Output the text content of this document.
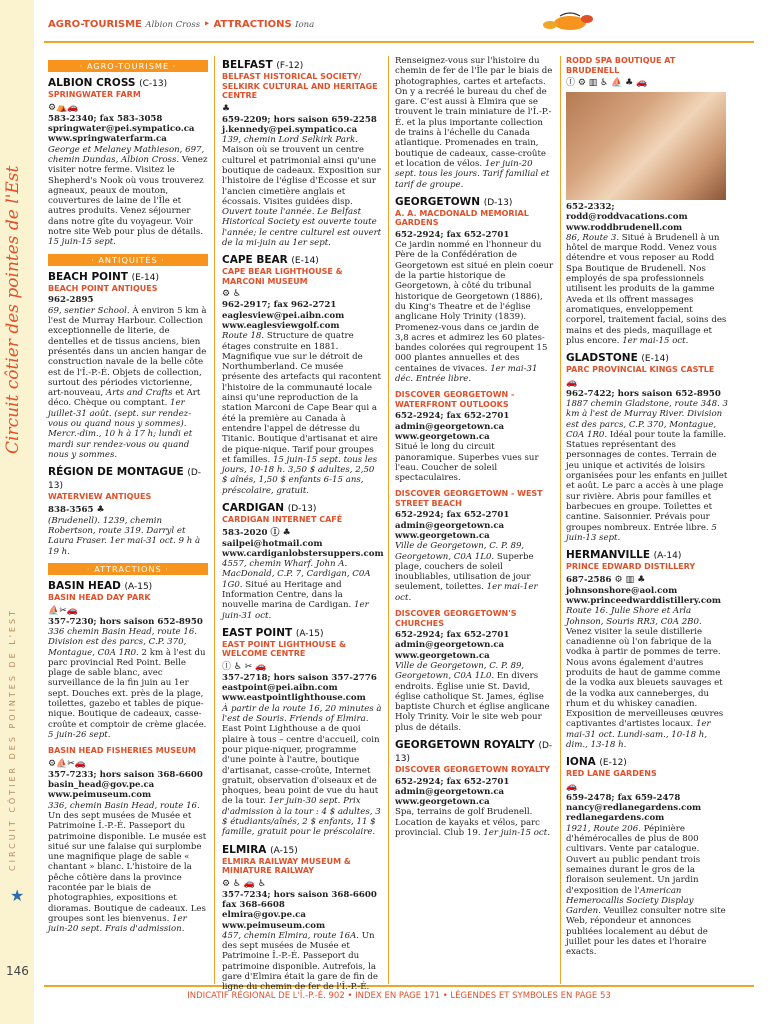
Circuit côtier des pointes de l'Est
CIRCUIT CÔTIER DES POINTES DE L'EST
★
146
AGRO-TOURISME Albion Cross ‣ ATTRACTIONS Iona
INDICATIF RÉGIONAL DE L'Î.-P.-É. 902 • INDEX EN PAGE 171 • LÉGENDES ET SYMBOLES EN PAGE 53
· AGRO-TOURISME ·
ALBION CROSS (C-13)
SPRINGWATER FARM
⚙⛺🚗
583-2340; fax 583-3058
springwater@pei.sympatico.ca
www.springwaterfarm.ca
George et Melaney Mathieson, 697, chemin Dundas, Albion Cross. Venez visiter notre ferme. Visitez le Shepherd's Nook où vous trouverez agneaux, peaux de mouton, couvertures de laine de l'Île et autres produits. Venez séjourner dans notre gîte du voyageur. Voir notre site Web pour plus de détails. 15 juin-15 sept.
· ANTIQUITÉS ·
BEACH POINT (E-14)
BEACH POINT ANTIQUES
962-2895
69, sentier School. À environ 5 km à l'est de Murray Harbour. Collection exceptionnelle de literie, de dentelles et de tissus anciens, bien présentés dans un ancien hangar de construction navale de la belle côte est de l'Î.-P.-É. Objets de collection, surtout des périodes victorienne, art-nouveau, Arts and Crafts et Art déco. Chèque ou comptant. 1er juillet-31 août. (sept. sur rendez-vous ou quand nous y sommes). Mercr.-dim., 10 h à 17 h; lundi et mardi sur rendez-vous ou quand nous y sommes.
RÉGION DE MONTAGUE (D-13)
WATERVIEW ANTIQUES
838-3565 ♣
(Brudenell). 1239, chemin Robertson, route 319. Darryl et Laura Fraser. 1er mai-31 oct. 9 h à 19 h.
· ATTRACTIONS ·
BASIN HEAD (A-15)
BASIN HEAD DAY PARK
⛵✂🚗
357-7230; hors saison 652-8950
336 chemin Basin Head, route 16. Division est des parcs, C.P. 370, Montague, C0A 1R0. 2 km à l'est du parc provincial Red Point. Belle plage de sable blanc, avec surveillance de la fin juin au 1er sept. Douches ext. près de la plage, toilettes, gazebo et tables de pique-nique. Boutique de cadeaux, casse-croûte et comptoir de crème glacée. 5 juin-26 sept.
BASIN HEAD FISHERIES MUSEUM
⚙⛵✂🚗
357-7233; hors saison 368-6600
basin_head@gov.pe.ca
www.peimuseum.com
336, chemin Basin Head, route 16. Un des sept musées de Musée et Patrimoine Î.-P.-É. Passeport du patrimoine disponible. Le musée est situé sur une falaise qui surplombe une magnifique plage de sable « chantant » blanc. L'histoire de la pêche côtière dans la province racontée par le biais de photographies, expositions et dioramas. Boutique de cadeaux. Les groupes sont les bienvenus. 1er juin-20 sept. Frais d'admission.
BELFAST (F-12)
BELFAST HISTORICAL SOCIETY/ SELKIRK CULTURAL AND HERITAGE CENTRE
♣
659-2209; hors saison 659-2258
j.kennedy@pei.sympatico.ca
139, chemin Lord Selkirk Park. Maison où se trouvent un centre culturel et patrimonial ainsi qu'une boutique de cadeaux. Exposition sur l'histoire de l'église d'Écosse et sur l'ancien cimetière anglais et écossais. Visites guidées disp. Ouvert toute l'année. Le Belfast Historical Society est ouverte toute l'année; le centre culturel est ouvert de la mi-juin au 1er sept.
CAPE BEAR (E-14)
CAPE BEAR LIGHTHOUSE & MARCONI MUSEUM
⚙ ♿
962-2917; fax 962-2721
eaglesview@pei.aibn.com
www.eaglesviewgolf.com
Route 18. Structure de quatre étages construite en 1881. Magnifique vue sur le détroit de Northumberland. Ce musée présente des artefacts qui racontent l'histoire de la communauté locale ainsi qu'une reproduction de la station Marconi de Cape Bear qui a été la première au Canada à entendre l'appel de détresse du Titanic. Boutique d'artisanat et aire de pique-nique. Tarif pour groupes et familles. 15 juin-15 sept. tous les jours, 10-18 h. 3,50 $ adultes, 2,50 $ aînés, 1,50 $ enfants 6-15 ans, préscolaire, gratuit.
CARDIGAN (D-13)
CARDIGAN INTERNET CAFÉ
583-2020 Ⓘ ♣
sailpei@hotmail.com
www.cardiganlobstersuppers.com
4557, chemin Wharf. John A. MacDonald, C.P. 7, Cardigan, C0A 1G0. Situé au Heritage and Information Centre, dans la nouvelle marina de Cardigan. 1er juin-31 oct.
EAST POINT (A-15)
EAST POINT LIGHTHOUSE & WELCOME CENTRE
Ⓘ ♿ ✂ 🚗
357-2718; hors saison 357-2776
eastpoint@pei.aibn.com
www.eastpointlighthouse.com
À partir de la route 16, 20 minutes à l'est de Souris. Friends of Elmira. East Point Lighthouse a de quoi plaire à tous – centre d'accueil, coin pour pique-niquer, programme d'une pointe à l'autre, boutique d'artisanat, casse-croûte, Internet gratuit, observation d'oiseaux et de phoques, beau point de vue du haut de la tour. 1er juin-30 sept. Prix d'admission à la tour : 4 $ adultes, 3 $ étudiants/aînés, 2 $ enfants, 11 $ famille, gratuit pour le préscolaire.
ELMIRA (A-15)
ELMIRA RAILWAY MUSEUM & MINIATURE RAILWAY
⚙ ♿ 🚗 ♿
357-7234; hors saison 368-6600
fax 368-6608
elmira@gov.pe.ca
www.peimuseum.com
457, chemin Elmira, route 16A. Un des sept musées de Musée et Patrimoine Î.-P.-É. Passeport du patrimoine disponible. Autrefois, la gare d'Elmira était la gare de fin de ligne du chemin de fer de l'Î.-P.-É.
Renseignez-vous sur l'histoire du chemin de fer de l'Île par le biais de photographies, cartes et artefacts. On y a recréé le bureau du chef de gare. C'est aussi à Elmira que se trouvent le train miniature de l'Î.-P.-É. et la plus importante collection de trains à l'échelle du Canada atlantique. Promenades en train, boutique de cadeaux, casse-croûte et location de vélos. 1er juin-20 sept. tous les jours. Tarif familial et tarif de groupe.
GEORGETOWN (D-13)
A. A. MACDONALD MEMORIAL GARDENS
652-2924; fax 652-2701
Ce jardin nommé en l'honneur du Père de la Confédération de Georgetown est situé en plein coeur de la partie historique de Georgetown, à côté du tribunal historique de Georgetown (1886), du King's Theatre et de l'église anglicane Holy Trinity (1839). Promenez-vous dans ce jardin de 3,8 acres et admirez les 60 plates-bandes colorées qui regroupent 15 000 plantes annuelles et des centaines de vivaces. 1er mai-31 déc. Entrée libre.
DISCOVER GEORGETOWN - WATERFRONT OUTLOOKS
652-2924; fax 652-2701
admin@georgetown.ca
www.georgetown.ca
Situé le long du circuit panoramique. Superbes vues sur l'eau. Coucher de soleil spectaculaires.
DISCOVER GEORGETOWN - WEST STREET BEACH
652-2924; fax 652-2701
admin@georgetown.ca
www.georgetown.ca
Ville de Georgetown, C. P. 89, Georgetown, C0A 1L0. Superbe plage, couchers de soleil inoubliables, utilisation de jour seulement, toilettes. 1er mai-1er oct.
DISCOVER GEORGETOWN'S CHURCHES
652-2924; fax 652-2701
admin@georgetown.ca
www.georgetown.ca
Ville de Georgetown, C. P. 89, Georgetown, C0A 1L0. En divers endroits. Église unie St. David, église catholique St. James, église baptiste Church et église anglicane Holy Trinity. Voir le site web pour plus de détails.
GEORGETOWN ROYALTY (D-13)
DISCOVER GEORGETOWN ROYALTY
652-2924; fax 652-2701
admin@georgetown.ca
www.georgetown.ca
Spa, terrains de golf Brudenell. Location de kayaks et vélos, parc provincial. Club 19. 1er juin-15 oct.
RODD SPA BOUTIQUE AT BRUDENELL
Ⓘ ⚙ ▥ ♿ ⛵ ♣ 🚗
652-2332; rodd@roddvacations.com
www.roddbrudenell.com
86, Route 3. Situé à Brudenell à un hôtel de marque Rodd. Venez vous détendre et vous reposer au Rodd Spa Boutique de Brudenell. Nos employés de spa professionnels utilisent les produits de la gamme Aveda et ils offrent massages aromatiques, enveloppement corporel, traitement facial, soins des mains et des pieds, maquillage et plus encore. 1er mai-15 oct.
GLADSTONE (E-14)
PARC PROVINCIAL KINGS CASTLE
🚗
962-7422; hors saison 652-8950
1887 chemin Gladstone, route 348. 3 km à l'est de Murray River. Division est des parcs, C.P. 370, Montague, C0A 1R0. Idéal pour toute la famille. Statues représentant des personnages de contes. Terrain de jeu unique et activités de loisirs organisées pour les enfants en juillet et août. Le parc a accès à une plage sur rivière. Abris pour familles et barbecues en groupe. Toilettes et cantine. Saisonnier. Prévais pour groupes nombreux. Entrée libre. 5 juin-13 sept.
HERMANVILLE (A-14)
PRINCE EDWARD DISTILLERY
687-2586 ⚙ ▥ ♣
johnsonshore@aol.com
www.princeedwarddistillery.com
Route 16. Julie Shore et Arla Johnson, Souris RR3, C0A 2B0. Venez visiter la seule distillerie canadienne où l'on fabrique de la vodka à partir de pommes de terre. Nous avons également d'autres produits de haut de gamme comme de la vodka aux bleuets sauvages et de la vodka aux canneberges, du rhum et du whiskey canadien. Exposition de merveilleuses œuvres captivantes d'artistes locaux. 1er mai-31 oct. Lundi-sam., 10-18 h, dim., 13-18 h.
IONA (E-12)
RED LANE GARDENS
🚗
659-2478; fax 659-2478
nancy@redlanegardens.com
redlanegardens.com
1921, Route 206. Pépinière d'hémérocalles de plus de 800 cultivars. Vente par catalogue. Ouvert au public pendant trois semaines durant le gros de la floraison seulement. Un jardin d'exposition de l'American Hemerocallis Society Display Garden. Veuillez consulter notre site Web, répondeur et annonces publiées localement au début de juillet pour les dates et l'horaire exacts.
